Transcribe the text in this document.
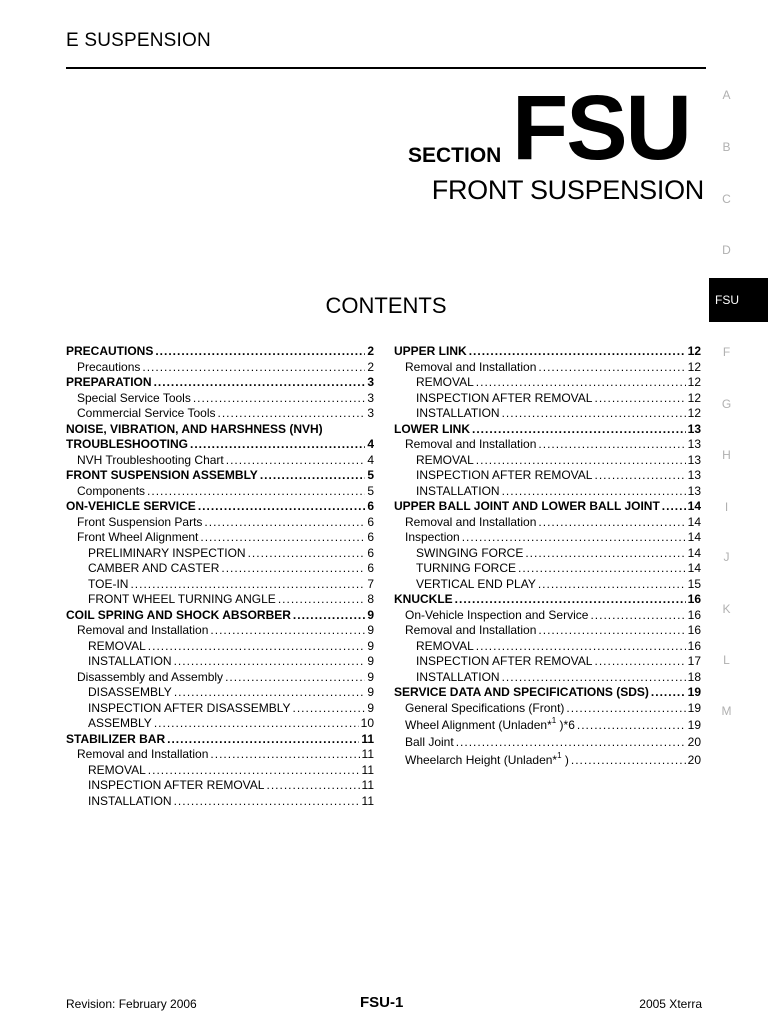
E SUSPENSION
SECTION FSU
FRONT SUSPENSION
CONTENTS
A
B
C
D
FSU
F
G
H
I
J
K
L
M
PRECAUTIONS .....	2
Precautions .....	2
PREPARATION .....	3
Special Service Tools .....	3
Commercial Service Tools .....	3
NOISE, VIBRATION, AND HARSHNESS (NVH)
TROUBLESHOOTING .....	4
NVH Troubleshooting Chart .....	4
FRONT SUSPENSION ASSEMBLY .....	5
Components .....	5
ON-VEHICLE SERVICE .....	6
Front Suspension Parts .....	6
Front Wheel Alignment .....	6
PRELIMINARY INSPECTION .....	6
CAMBER AND CASTER .....	6
TOE-IN .....	7
FRONT WHEEL TURNING ANGLE .....	8
COIL SPRING AND SHOCK ABSORBER .....	9
Removal and Installation .....	9
REMOVAL .....	9
INSTALLATION .....	9
Disassembly and Assembly .....	9
DISASSEMBLY .....	9
INSPECTION AFTER DISASSEMBLY .....	9
ASSEMBLY .....	10
STABILIZER BAR .....	11
Removal and Installation .....	11
REMOVAL .....	11
INSPECTION AFTER REMOVAL .....	11
INSTALLATION .....	11
UPPER LINK .....	12
Removal and Installation .....	12
REMOVAL .....	12
INSPECTION AFTER REMOVAL .....	12
INSTALLATION .....	12
LOWER LINK .....	13
Removal and Installation .....	13
REMOVAL .....	13
INSPECTION AFTER REMOVAL .....	13
INSTALLATION .....	13
UPPER BALL JOINT AND LOWER BALL JOINT ..... 14
Removal and Installation .....	14
Inspection .....	14
SWINGING FORCE .....	14
TURNING FORCE .....	14
VERTICAL END PLAY .....	15
KNUCKLE .....	16
On-Vehicle Inspection and Service .....	16
Removal and Installation .....	16
REMOVAL .....	16
INSPECTION AFTER REMOVAL .....	17
INSTALLATION .....	18
SERVICE DATA AND SPECIFICATIONS (SDS) .....	19
General Specifications (Front) .....	19
Wheel Alignment (Unladen*$^1$ )*6 .....	19
Ball Joint .....	20
Wheelarch Height (Unladen*$^1$ ) .....	20
Revision: February 2006	FSU-1	2005 Xterra
